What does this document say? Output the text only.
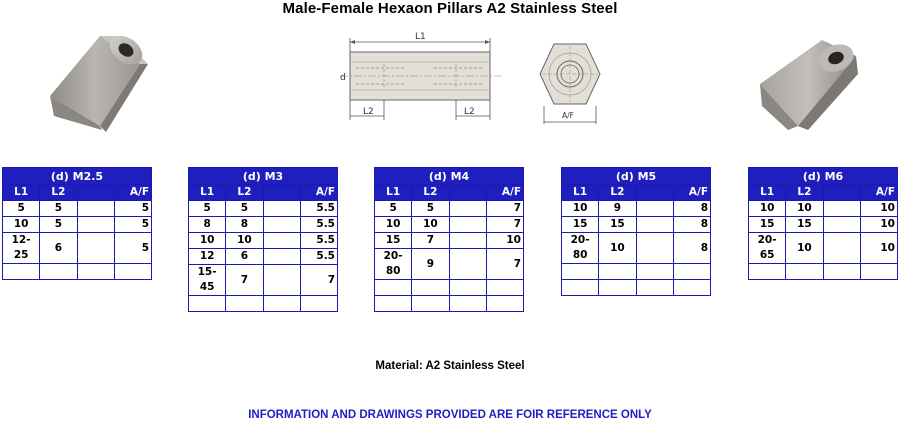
Male-Female Hexaon Pillars A2 Stainless Steel
L1
L2	L2
d
A/F
(d) M2.5			
L1	L2		A/F
5	5		5
10	5		5
12-25	6		5

(d) M3			
L1	L2		A/F
5	5		5.5
8	8		5.5
10	10		5.5
12	6		5.5
15-45	7		7

(d) M4			
L1	L2		A/F
5	5		7
10	10		7
15	7		10
20-80	9		7

(d) M5			
L1	L2		A/F
10	9		8
15	15		8
20-80	10		8

(d) M6			
L1	L2		A/F
10	10		10
15	15		10
20-65	10		10

Material: A2 Stainless Steel
INFORMATION AND DRAWINGS PROVIDED ARE FOIR REFERENCE ONLY
